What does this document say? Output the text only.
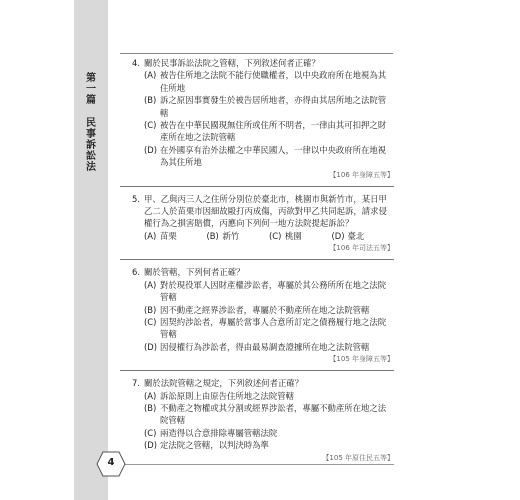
第
一
篇
民
事
訴
訟
法
4. 關於民事訴訟法院之管轄，下列敘述何者正確？
(A) 被告住所地之法院不能行使職權者，以中央政府所在地視為其住所地
(B) 訴之原因事實發生於被告居所地者，亦得由其居所地之法院管轄
(C) 被告在中華民國現無住所或住所不明者，一律由其可扣押之財產所在地之法院管轄
(D) 在外國享有治外法權之中華民國人，一律以中央政府所在地視為其住所地
【106 年身障五等】
5. 甲、乙與丙三人之住所分別位於臺北市，桃園市與新竹市，某日甲乙二人於苗栗市因細故毆打丙成傷，丙欲對甲乙共同起訴，請求侵權行為之損害賠償，丙應向下列何一地方法院提起訴訟？
(A) 苗栗	(B) 新竹	(C) 桃園	(D) 臺北
【106 年司法五等】
6. 關於管轄，下列何者正確？
(A) 對於現役軍人因財產權涉訟者，專屬於其公務所所在地之法院管轄
(B) 因不動產之經界涉訟者，專屬於不動產所在地之法院管轄
(C) 因契約涉訟者，專屬於當事人合意所訂定之債務履行地之法院管轄
(D) 因侵權行為涉訟者，得由最易調查證據所在地之法院管轄
【105 年身障五等】
7. 關於法院管轄之規定，下列敘述何者正確？
(A) 訴訟原則上由原告住所地之法院管轄
(B) 不動產之物權或其分割或經界涉訟者，專屬不動產所在地之法院管轄
(C) 兩造得以合意排除專屬管轄法院
(D) 定法院之管轄，以判決時為準
【105 年原住民五等】
4
